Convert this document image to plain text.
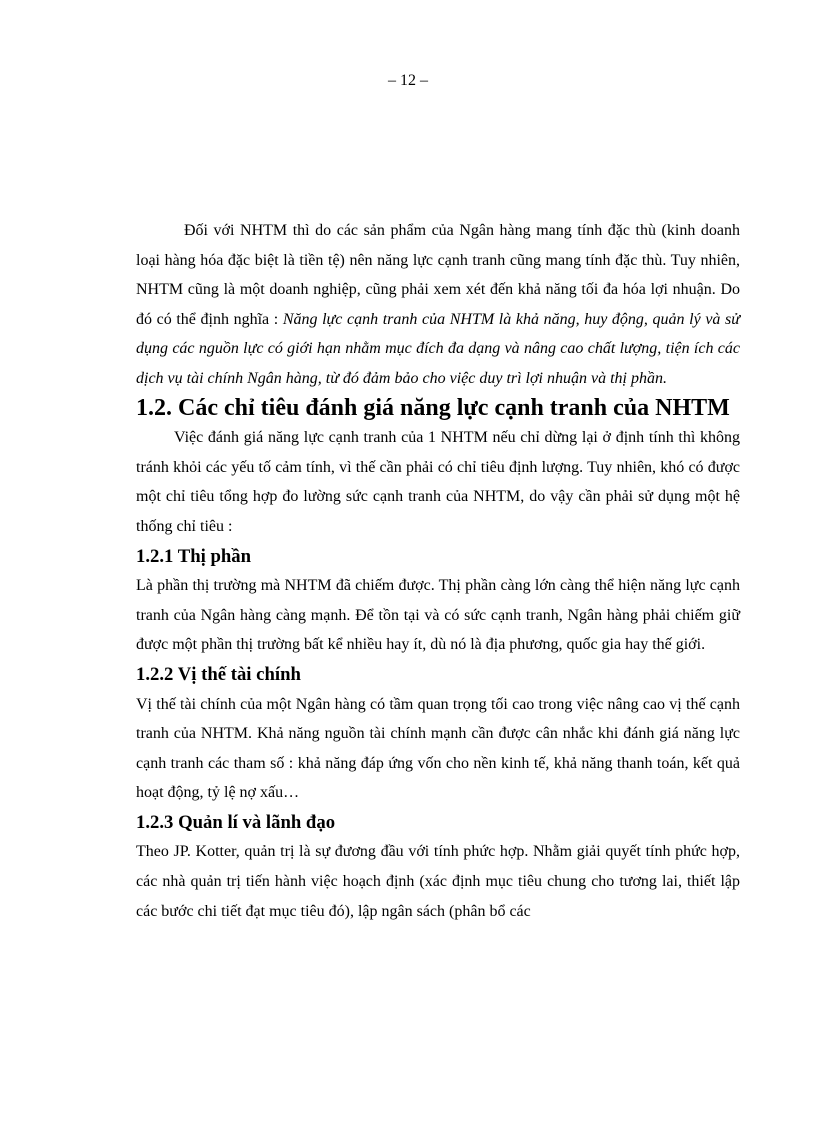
– 12 –

Đối với NHTM thì do các sản phẩm của Ngân hàng mang tính đặc thù (kinh doanh loại hàng hóa đặc biệt là tiền tệ) nên năng lực cạnh tranh cũng mang tính đặc thù. Tuy nhiên, NHTM cũng là một doanh nghiệp, cũng phải xem xét đến khả năng tối đa hóa lợi nhuận. Do đó có thể định nghĩa : Năng lực cạnh tranh của NHTM là khả năng, huy động, quản lý và sử dụng các nguồn lực có giới hạn nhằm mục đích đa dạng và nâng cao chất lượng, tiện ích các dịch vụ tài chính Ngân hàng, từ đó đảm bảo cho việc duy trì lợi nhuận và thị phần.

1.2. Các chỉ tiêu đánh giá năng lực cạnh tranh của NHTM

Việc đánh giá năng lực cạnh tranh của 1 NHTM nếu chỉ dừng lại ở định tính thì không tránh khỏi các yếu tố cảm tính, vì thế cần phải có chỉ tiêu định lượng. Tuy nhiên, khó có được một chỉ tiêu tổng hợp đo lường sức cạnh tranh của NHTM, do vậy cần phải sử dụng một hệ thống chỉ tiêu :

1.2.1 Thị phần

Là phần thị trường mà NHTM đã chiếm được. Thị phần càng lớn càng thể hiện năng lực cạnh tranh của Ngân hàng càng mạnh. Để tồn tại và có sức cạnh tranh, Ngân hàng phải chiếm giữ được một phần thị trường bất kể nhiều hay ít, dù nó là địa phương, quốc gia hay thế giới.

1.2.2 Vị thế tài chính

Vị thế tài chính của một Ngân hàng có tầm quan trọng tối cao trong việc nâng cao vị thế cạnh tranh của NHTM. Khả năng nguồn tài chính mạnh cần được cân nhắc khi đánh giá năng lực cạnh tranh các tham số : khả năng đáp ứng vốn cho nền kinh tế, khả năng thanh toán, kết quả hoạt động, tỷ lệ nợ xấu…

1.2.3 Quản lí và lãnh đạo

Theo JP. Kotter, quản trị là sự đương đầu với tính phức hợp. Nhằm giải quyết tính phức hợp, các nhà quản trị tiến hành việc hoạch định (xác định mục tiêu chung cho tương lai, thiết lập các bước chi tiết đạt mục tiêu đó), lập ngân sách (phân bổ các
